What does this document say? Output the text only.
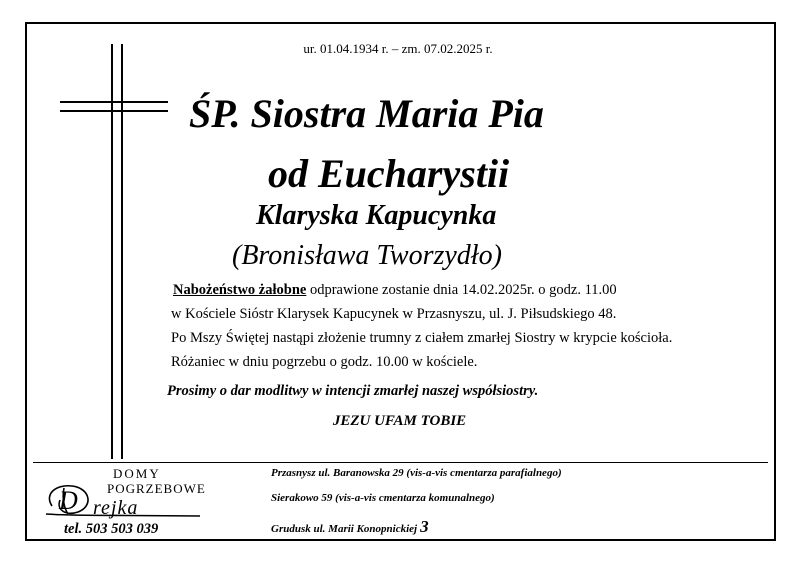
ur. 01.04.1934 r. – zm. 07.02.2025 r.
ŚP. Siostra Maria Pia
od Eucharystii
Klaryska Kapucynka
(Bronisława Tworzydło)
Nabożeństwo żałobne odprawione zostanie dnia 14.02.2025r. o godz. 11.00
w Kościele Sióstr Klarysek Kapucynek w Przasnyszu, ul. J. Piłsudskiego 48.
Po Mszy Świętej nastąpi złożenie trumny z ciałem zmarłej Siostry w krypcie kościoła.
Różaniec w dniu pogrzebu o godz. 10.00 w kościele.
Prosimy o dar modlitwy w intencji zmarłej naszej współsiostry.
JEZU UFAM TOBIE
DOMY
POGRZEBOWE
D rejka
tel. 503 503 039
Przasnysz ul. Baranowska 29 (vis-a-vis cmentarza parafialnego)
Sierakowo 59 (vis-a-vis cmentarza komunalnego)
Grudusk ul. Marii Konopnickiej 3
